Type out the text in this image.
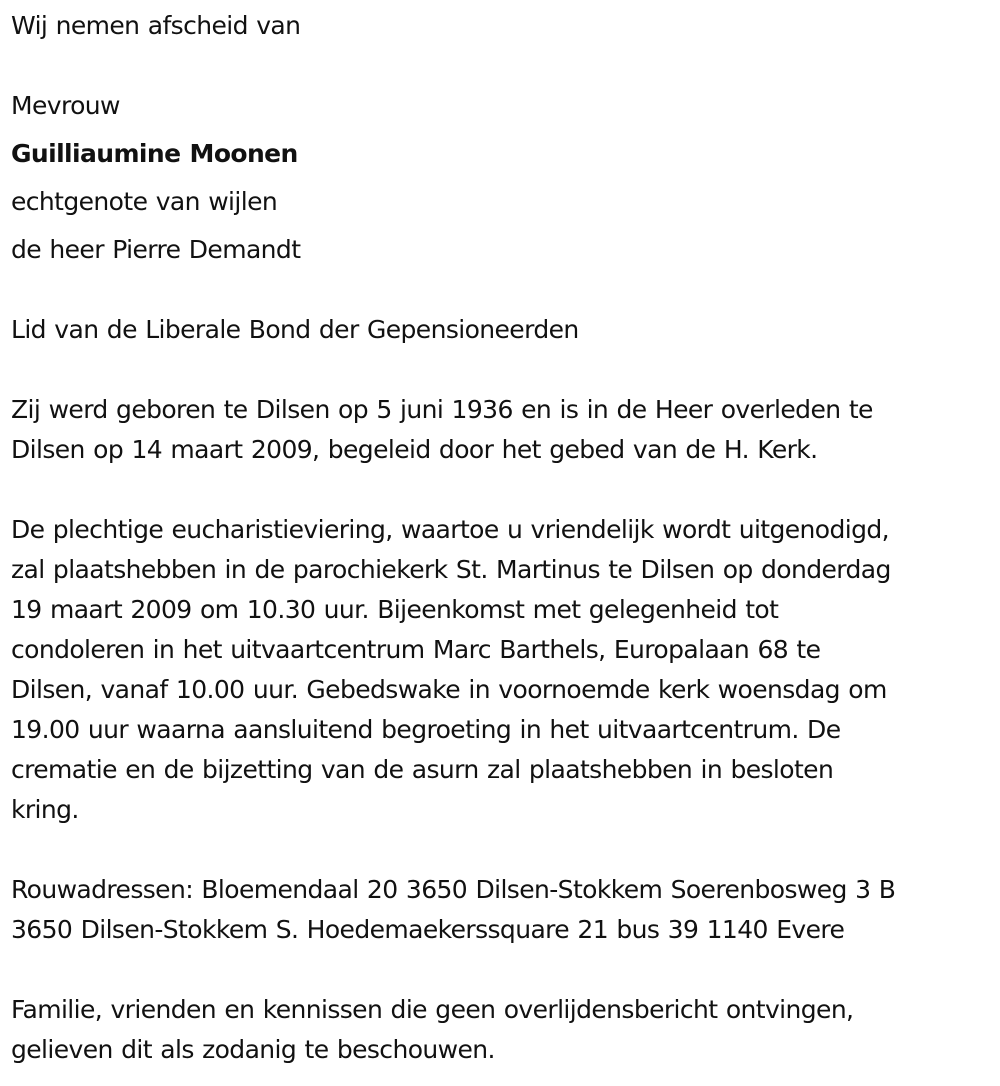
Wij nemen afscheid van
Mevrouw
Guilliaumine Moonen
echtgenote van wijlen
de heer Pierre Demandt
Lid van de Liberale Bond der Gepensioneerden
Zij werd geboren te Dilsen op 5 juni 1936 en is in de Heer overleden te
Dilsen op 14 maart 2009, begeleid door het gebed van de H. Kerk.
De plechtige eucharistieviering, waartoe u vriendelijk wordt uitgenodigd,
zal plaatshebben in de parochiekerk St. Martinus te Dilsen op donderdag
19 maart 2009 om 10.30 uur. Bijeenkomst met gelegenheid tot
condoleren in het uitvaartcentrum Marc Barthels, Europalaan 68 te
Dilsen, vanaf 10.00 uur. Gebedswake in voornoemde kerk woensdag om
19.00 uur waarna aansluitend begroeting in het uitvaartcentrum. De
crematie en de bijzetting van de asurn zal plaatshebben in besloten
kring.
Rouwadressen: Bloemendaal 20 3650 Dilsen-Stokkem Soerenbosweg 3 B
3650 Dilsen-Stokkem S. Hoedemaekerssquare 21 bus 39 1140 Evere
Familie, vrienden en kennissen die geen overlijdensbericht ontvingen,
gelieven dit als zodanig te beschouwen.
